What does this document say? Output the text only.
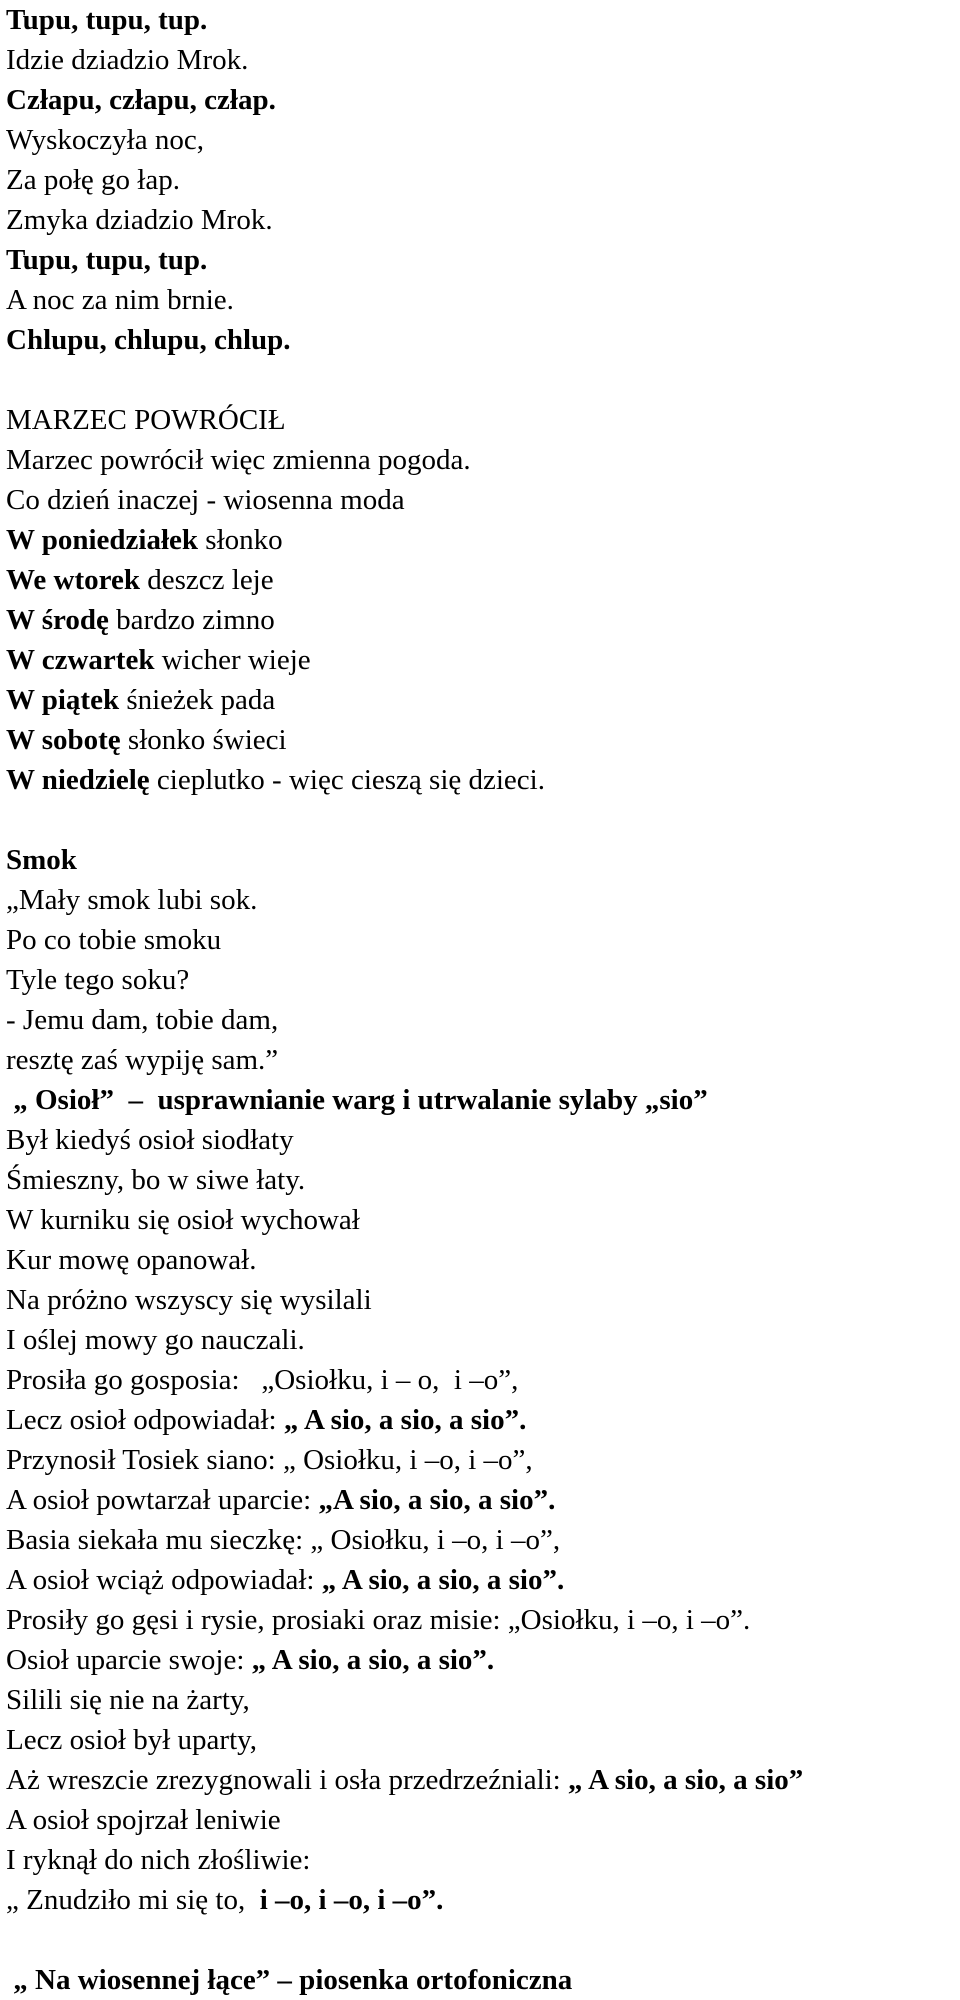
Tupu, tupu, tup.
Idzie dziadzio Mrok.
Człapu, człapu, człap.
Wyskoczyła noc,
Za połę go łap.
Zmyka dziadzio Mrok.
Tupu, tupu, tup.
A noc za nim brnie.
Chlupu, chlupu, chlup.
MARZEC POWRÓCIŁ
Marzec powrócił więc zmienna pogoda.
Co dzień inaczej - wiosenna moda
W poniedziałek słonko
We wtorek deszcz leje
W środę bardzo zimno
W czwartek wicher wieje
W piątek śnieżek pada
W sobotę słonko świeci
W niedzielę cieplutko - więc cieszą się dzieci.
Smok
„Mały smok lubi sok.
Po co tobie smoku
Tyle tego soku?
- Jemu dam, tobie dam,
resztę zaś wypiję sam.”
„ Osioł”  –  usprawnianie warg i utrwalanie sylaby „sio”
Był kiedyś osioł siodłaty
Śmieszny, bo w siwe łaty.
W kurniku się osioł wychował
Kur mowę opanował.
Na próżno wszyscy się wysilali
I oślej mowy go nauczali.
Prosiła go gosposia:   „Osiołku, i – o,  i –o”,
Lecz osioł odpowiadał: „ A sio, a sio, a sio”.
Przynosił Tosiek siano: „ Osiołku, i –o, i –o”,
A osioł powtarzał uparcie: „A sio, a sio, a sio”.
Basia siekała mu sieczkę: „ Osiołku, i –o, i –o”,
A osioł wciąż odpowiadał: „ A sio, a sio, a sio”.
Prosiły go gęsi i rysie, prosiaki oraz misie: „Osiołku, i –o, i –o”.
Osioł uparcie swoje: „ A sio, a sio, a sio”.
Silili się nie na żarty,
Lecz osioł był uparty,
Aż wreszcie zrezygnowali i osła przedrzeźniali: „ A sio, a sio, a sio”
A osioł spojrzał leniwie
I ryknął do nich złośliwie:
„ Znudziło mi się to,  i –o, i –o, i –o”.
„ Na wiosennej łące” – piosenka ortofoniczna
